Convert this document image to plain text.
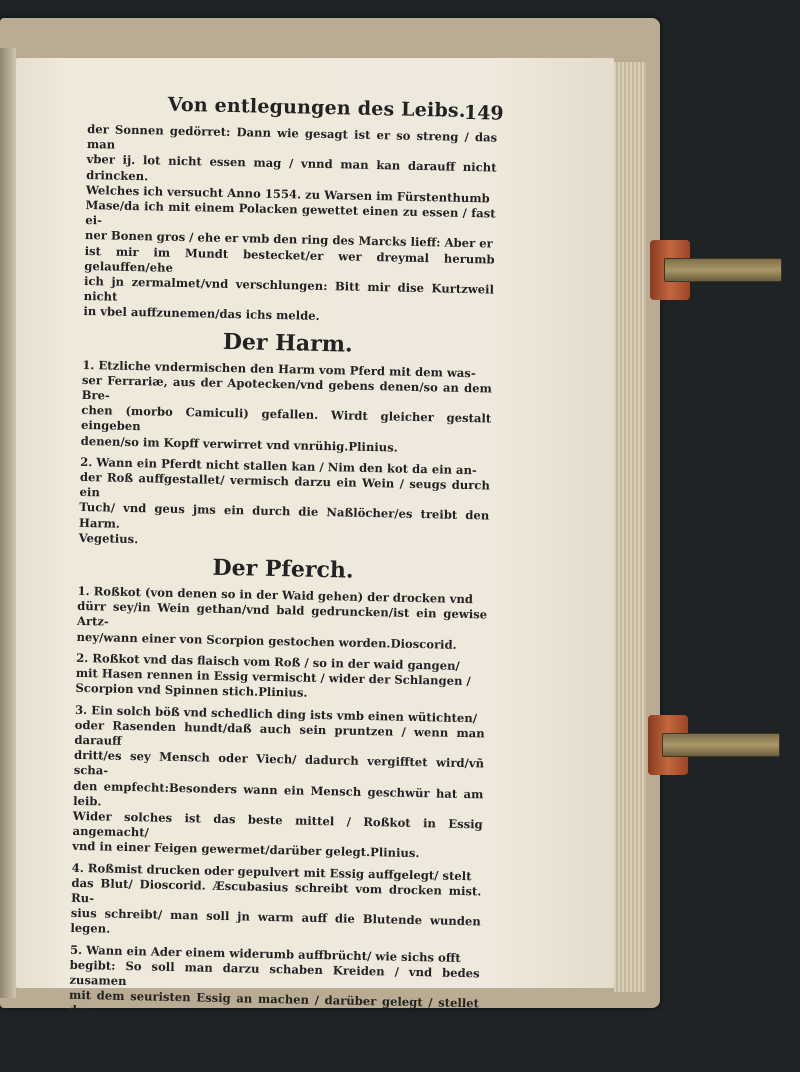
Von entlegungen des Leibs.
149

der Sonnen gedörret: Dann wie gesagt ist er so streng / das man
vber ij. lot nicht essen mag / vnnd man kan darauff nicht drincken.
Welches ich versucht Anno 1554. zu Warsen im Fürstenthumb
Mase/da ich mit einem Polacken gewettet einen zu essen / fast ei-
ner Bonen gros / ehe er vmb den ring des Marcks lieff: Aber er
ist mir im Mundt bestecket/er wer dreymal herumb gelauffen/ehe
ich jn zermalmet/vnd verschlungen: Bitt mir dise Kurtzweil nicht
in vbel auffzunemen/das ichs melde.

Der Harm.

1. Etzliche vndermischen den Harm vom Pferd mit dem was-
ser Ferrariæ, aus der Apotecken/vnd gebens denen/so an dem Bre-
chen (morbo Camiculi) gefallen. Wirdt gleicher gestalt eingeben
denen/so im Kopff verwirret vnd vnrühig.Plinius.

2. Wann ein Pferdt nicht stallen kan / Nim den kot da ein an-
der Roß auffgestallet/ vermisch darzu ein Wein / seugs durch ein
Tuch/ vnd geus jms ein durch die Naßlöcher/es treibt den Harm.
Vegetius.

Der Pferch.

1. Roßkot (von denen so in der Waid gehen) der drocken vnd
dürr sey/in Wein gethan/vnd bald gedruncken/ist ein gewise Artz-
ney/wann einer von Scorpion gestochen worden.Dioscorid.

2. Roßkot vnd das flaisch vom Roß / so in der waid gangen/
mit Hasen rennen in Essig vermischt / wider der Schlangen /
Scorpion vnd Spinnen stich.Plinius.

3. Ein solch böß vnd schedlich ding ists vmb einen wütichten/
oder Rasenden hundt/daß auch sein pruntzen / wenn man darauff
dritt/es sey Mensch oder Viech/ dadurch vergifftet wird/vñ scha-
den empfecht:Besonders wann ein Mensch geschwür hat am leib.
Wider solches ist das beste mittel / Roßkot in Essig angemacht/
vnd in einer Feigen gewermet/darüber gelegt.Plinius.

4. Roßmist drucken oder gepulvert mit Essig auffgelegt/ stelt
das Blut/ Dioscorid. Æscubasius schreibt vom drocken mist. Ru-
sius schreibt/ man soll jn warm auff die Blutende wunden legen.

5. Wann ein Ader einem widerumb auffbrücht/ wie sichs offt
begibt: So soll man darzu schaben Kreiden / vnd bedes zusamen
mit dem seuristen Essig an machen / darüber gelegt / stellet das
Geblüt.Idem.

Cc	6.Also
